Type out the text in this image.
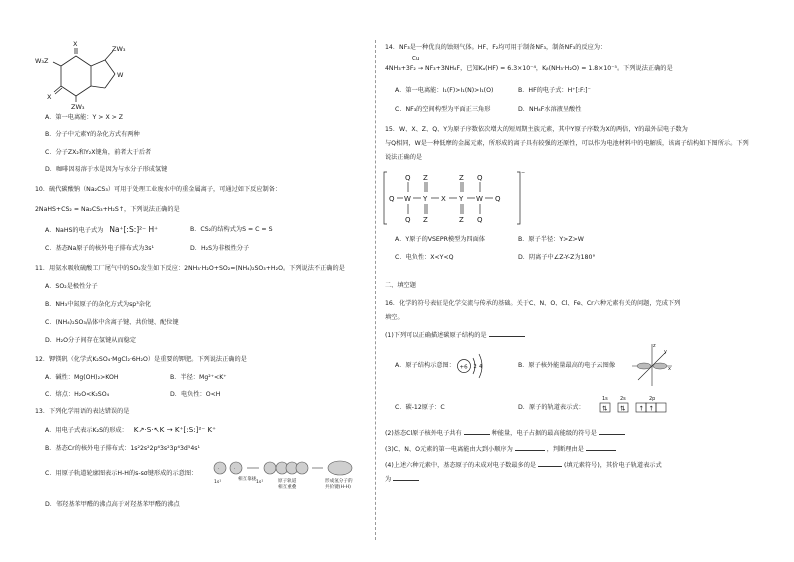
X
W₃Z
ZW₃
W
X
ZW₃
A．第一电离能：Y > X > Z
B．分子中元素Y的杂化方式有两种
C．分子ZX₂和Y₂X键角，前者大于后者
D．咖啡因易溶于水是因为与水分子形成氢键
10．硫代碳酸钠（Na₂CS₃）可用于处理工业废水中的重金属离子，可通过如下反应制备：
2NaHS+CS₂ = Na₂CS₃+H₂S↑，下列说法正确的是
A．NaHS的电子式为 Na⁺[:S:]²⁻ H⁺	B．CS₂的结构式为S = C = S
C．基态Na原子的核外电子排布式为3s¹	D．H₂S为非极性分子
11．用氨水吸收硫酸工厂尾气中的SO₂发生如下反应：2NH₃·H₂O+SO₂=(NH₄)₂SO₃+H₂O。下列说法不正确的是
A．SO₂是极性分子
B．NH₃中氮原子的杂化方式为sp³杂化
C．(NH₄)₂SO₃晶体中含离子键、共价键、配位键
D．H₂O分子间存在氢键从而稳定
12．钾镁矾（化学式K₂SO₄·MgCl₂·6H₂O）是重要的钾肥。下列说法正确的是
A．碱性：Mg(OH)₂>KOH	B．半径：Mg²⁺<K⁺
C．熔点：H₂O<K₂SO₄	D．电负性：O<H
13．下列化学用语的表达错误的是
A．用电子式表示K₂S的形成： K↗·S·↖K → K⁺[:S:]²⁻ K⁺
B．基态Cr的核外电子排布式：1s²2s²2p⁶3s²3p⁶3d⁵4s¹
C．用原子轨道轮廓图表示H-H的s-sσ键形成的示意图：
·	·
1s¹
相互靠拢
1s¹	原子轨道
相互重叠
形成氢分子的
共价键(H-H)
D．邻羟基苯甲醛的沸点高于对羟基苯甲醛的沸点
14．NF₃是一种优良的蚀刻气体。HF、F₂均可用于制备NF₃，制备NF₃的反应为：
Cu
4NH₃+3F₂ → NF₃+3NH₄F，已知Kₐ(HF) = 6.3×10⁻⁴，Kᵦ(NH₃·H₂O) = 1.8×10⁻⁵。下列说法正确的是
A．第一电离能：I₁(F)>I₁(N)>I₁(O)	B．HF的电子式：H⁺[:F:]⁻
C．NF₃的空间构型为平面正三角形	D．NH₄F水溶液呈酸性
15．W、X、Z、Q、Y为原子序数依次增大的短周期主族元素，其中Y原子序数为X的两倍，Y的最外层电子数为
与Q相同，W是一种低摩的金属元素，所形成的离子具有较强的还原性，可以作为电池材料中的电解质，该离子结构如下图所示。下列
说法正确的是
Q W Y X Y W Q
Q
Q
Z
Z
Z
Z
Q
Q
−
A．Y原子的VSEPR模型为四面体	B．原子半径：Y>Z>W
C．电负性：X<Y<Q	D．阴离子中∠Z-Y-Z为180°
二、填空题
16．化学的符号表征是化学交流与传承的基础。关于C、N、O、Cl、Fe、Cr六种元素有关的问题，完成下列
填空。
(1)下列可以正确描述碳原子结构的是
A．原子结构示意图： +6 2 4	B．原子核外能量最高的电子云图像
z
x
y
C．碳-12原子：C	D．原子的轨道表示式：
1s 2s	2p
⇅ ⇅ ↑ ↑
(2)基态Cl原子核外电子共有	种能量，电子占据的最高能级的符号是
(3)C、N、O元素的第一电离能由大到小顺序为	，判断理由是
(4)上述六种元素中，基态原子的未成对电子数最多的是	(填元素符号)，其价电子轨道表示式
为
